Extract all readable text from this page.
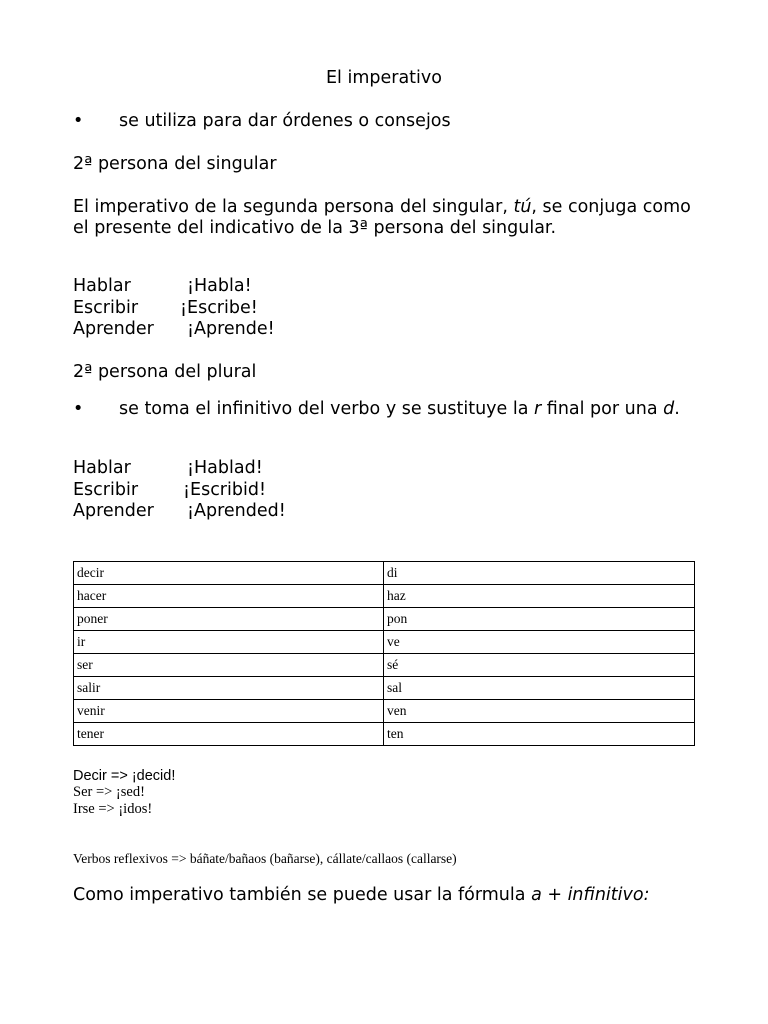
El imperativo
•	se utiliza para dar órdenes o consejos
2ª persona del singular
El imperativo de la segunda persona del singular, tú, se conjuga como el presente del indicativo de la 3ª persona del singular.
Hablar	¡Habla!
Escribir ¡Escribe!
Aprender ¡Aprende!
2ª persona del plural
•	se toma el infinitivo del verbo y se sustituye la r final por una d.
Hablar	¡Hablad!
Escribir	¡Escribid!
Aprender ¡Aprended!
decir	di
hacer	haz
poner	pon
ir	ve
ser	sé
salir	sal
venir	ven
tener	ten
Decir => ¡decid!
Ser => ¡sed!
Irse => ¡idos!
Verbos reflexivos => báñate/bañaos (bañarse), cállate/callaos (callarse)
Como imperativo también se puede usar la fórmula a + infinitivo:
